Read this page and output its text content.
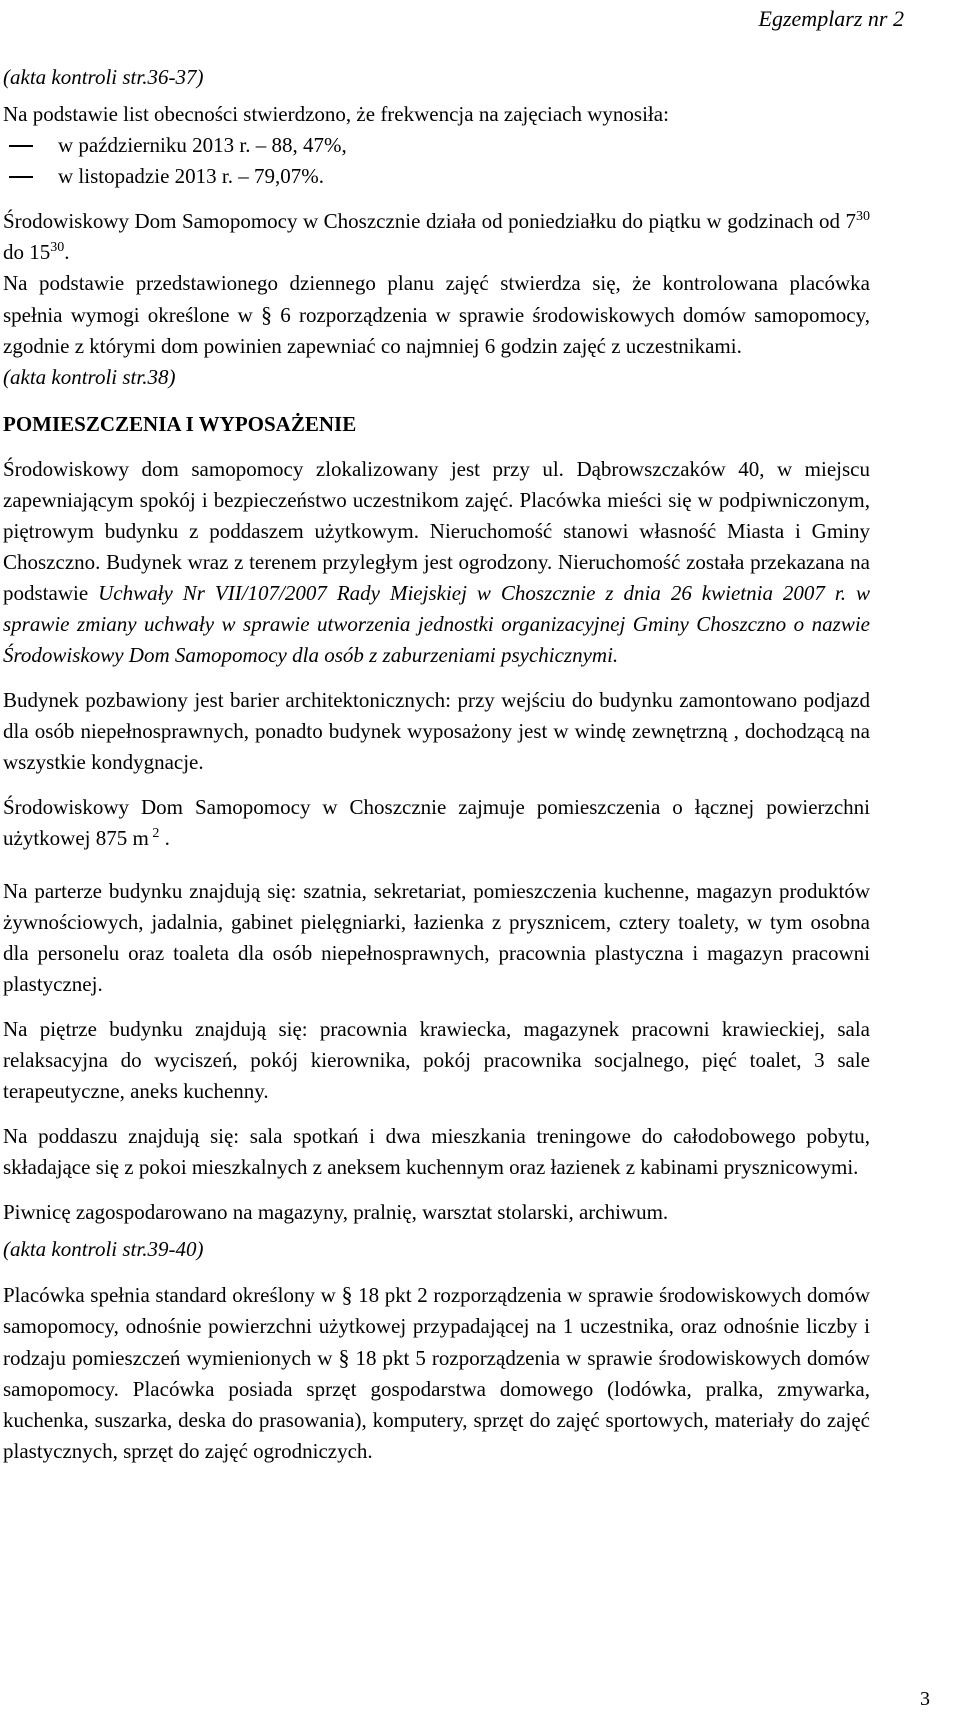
Egzemplarz nr 2

(akta kontroli str.36-37)

Na podstawie list obecności stwierdzono, że frekwencja na zajęciach wynosiła:

w październiku 2013 r. – 88, 47%,
w listopadzie 2013 r. – 79,07%.

Środowiskowy Dom Samopomocy w Choszcznie działa od poniedziałku do piątku w godzinach od $7^{30}$ do $15^{30}$.

Na podstawie przedstawionego dziennego planu zajęć stwierdza się, że kontrolowana placówka spełnia wymogi określone w § 6 rozporządzenia w sprawie środowiskowych domów samopomocy, zgodnie z którymi dom powinien zapewniać co najmniej 6 godzin zajęć z uczestnikami.

(akta kontroli str.38)

POMIESZCZENIA I WYPOSAŻENIE

Środowiskowy dom samopomocy zlokalizowany jest przy ul. Dąbrowszczaków 40, w miejscu zapewniającym spokój i bezpieczeństwo uczestnikom zajęć. Placówka mieści się w podpiwniczonym, piętrowym budynku z poddaszem użytkowym. Nieruchomość stanowi własność Miasta i Gminy Choszczno. Budynek wraz z terenem przyległym jest ogrodzony. Nieruchomość została przekazana na podstawie Uchwały Nr VII/107/2007 Rady Miejskiej w Choszcznie z dnia 26 kwietnia 2007 r. w sprawie zmiany uchwały w sprawie utworzenia jednostki organizacyjnej Gminy Choszczno o nazwie Środowiskowy Dom Samopomocy dla osób z zaburzeniami psychicznymi.

Budynek pozbawiony jest barier architektonicznych: przy wejściu do budynku zamontowano podjazd dla osób niepełnosprawnych, ponadto budynek wyposażony jest w windę zewnętrzną , dochodzącą na wszystkie kondygnacje.

Środowiskowy Dom Samopomocy w Choszcznie zajmuje pomieszczenia o łącznej powierzchni użytkowej 875 m $^2$ .

Na parterze budynku znajdują się: szatnia, sekretariat, pomieszczenia kuchenne, magazyn produktów żywnościowych, jadalnia, gabinet pielęgniarki, łazienka z prysznicem, cztery toalety, w tym osobna dla personelu oraz toaleta dla osób niepełnosprawnych, pracownia plastyczna i magazyn pracowni plastycznej.

Na piętrze budynku znajdują się: pracownia krawiecka, magazynek pracowni krawieckiej, sala relaksacyjna do wyciszeń, pokój kierownika, pokój pracownika socjalnego, pięć toalet, 3 sale terapeutyczne, aneks kuchenny.

Na poddaszu znajdują się: sala spotkań i dwa mieszkania treningowe do całodobowego pobytu, składające się z pokoi mieszkalnych z aneksem kuchennym oraz łazienek z kabinami prysznicowymi.

Piwnicę zagospodarowano na magazyny, pralnię, warsztat stolarski, archiwum.

(akta kontroli str.39-40)

Placówka spełnia standard określony w § 18 pkt 2 rozporządzenia w sprawie środowiskowych domów samopomocy, odnośnie powierzchni użytkowej przypadającej na 1 uczestnika, oraz odnośnie liczby i rodzaju pomieszczeń wymienionych w § 18 pkt 5 rozporządzenia w sprawie środowiskowych domów samopomocy. Placówka posiada sprzęt gospodarstwa domowego (lodówka, pralka, zmywarka, kuchenka, suszarka, deska do prasowania), komputery, sprzęt do zajęć sportowych, materiały do zajęć plastycznych, sprzęt do zajęć ogrodniczych.

3
